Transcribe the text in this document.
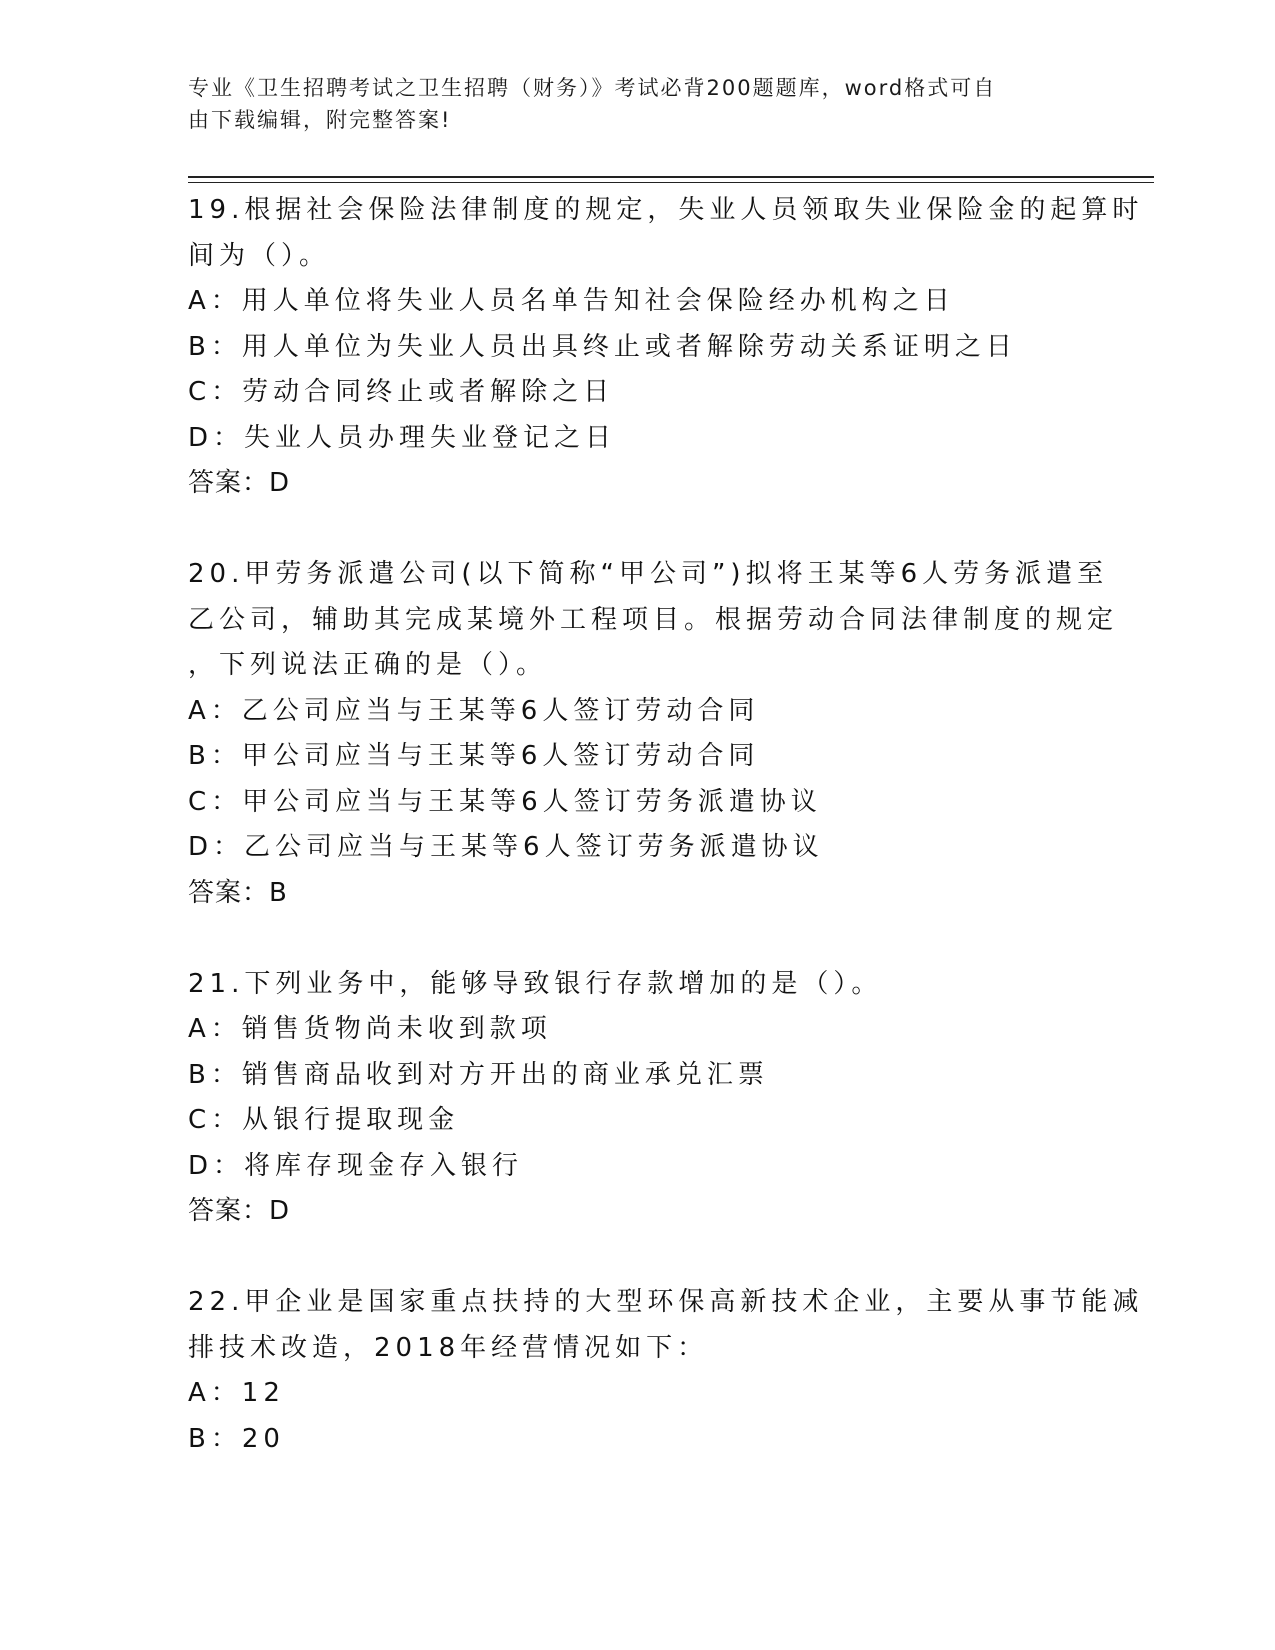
专业《卫生招聘考试之卫生招聘（财务）》考试必背200题题库，word格式可自
由下载编辑，附完整答案!
19.根据社会保险法律制度的规定，失业人员领取失业保险金的起算时
间为（）。
A：用人单位将失业人员名单告知社会保险经办机构之日
B：用人单位为失业人员出具终止或者解除劳动关系证明之日
C：劳动合同终止或者解除之日
D：失业人员办理失业登记之日
答案：D
20.甲劳务派遣公司(以下简称“甲公司”)拟将王某等6人劳务派遣至
乙公司，辅助其完成某境外工程项目。根据劳动合同法律制度的规定
，下列说法正确的是（）。
A：乙公司应当与王某等6人签订劳动合同
B：甲公司应当与王某等6人签订劳动合同
C：甲公司应当与王某等6人签订劳务派遣协议
D：乙公司应当与王某等6人签订劳务派遣协议
答案：B
21.下列业务中，能够导致银行存款增加的是（）。
A：销售货物尚未收到款项
B：销售商品收到对方开出的商业承兑汇票
C：从银行提取现金
D：将库存现金存入银行
答案：D
22.甲企业是国家重点扶持的大型环保高新技术企业，主要从事节能减
排技术改造，2018年经营情况如下：
A：12
B：20
